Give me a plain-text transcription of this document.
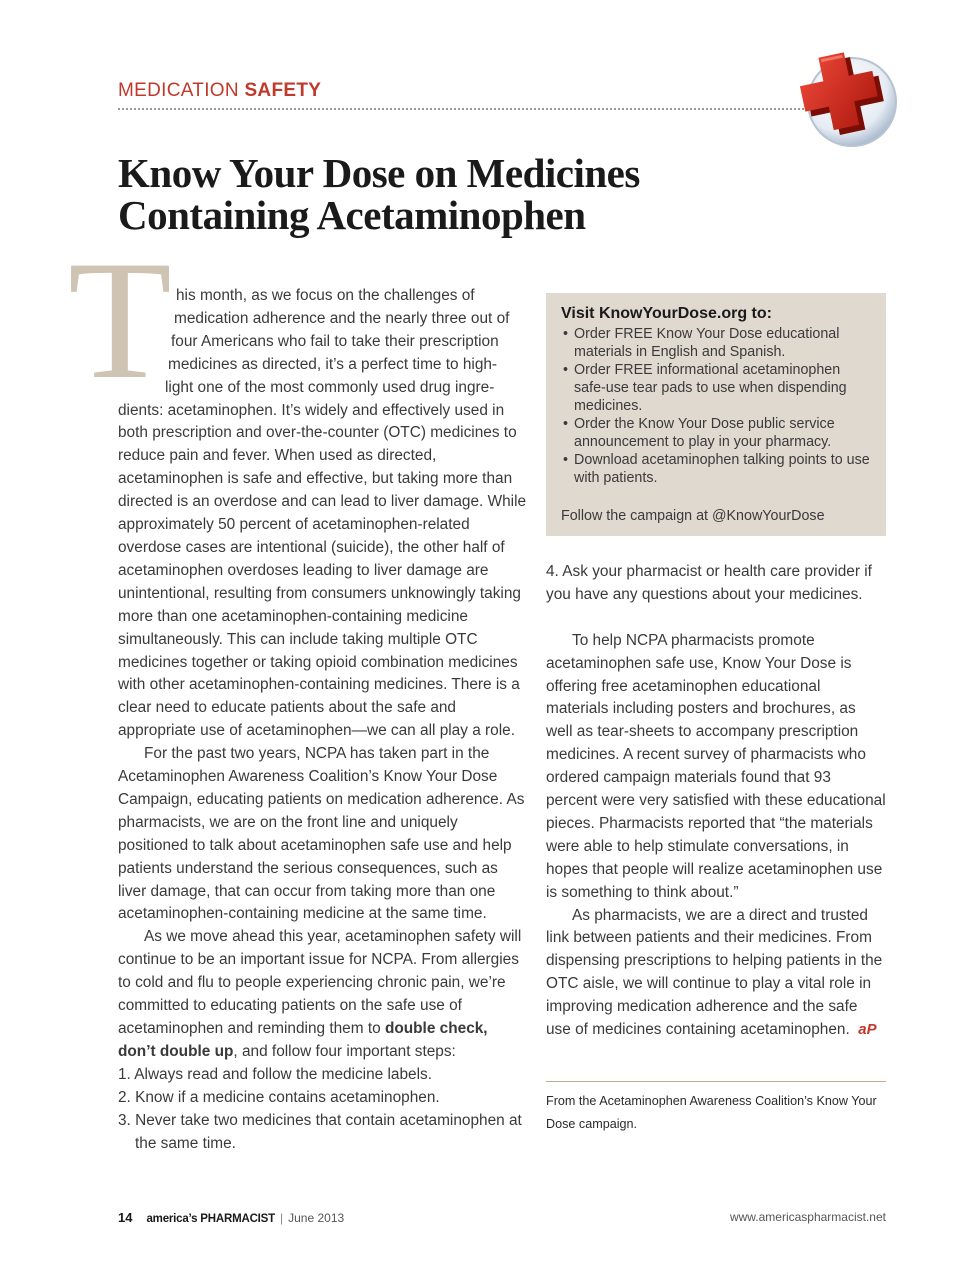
MEDICATION SAFETY
Know Your Dose on Medicines Containing Acetaminophen
T his month, as we focus on the challenges of
medication adherence and the nearly three out of
four Americans who fail to take their prescription
medicines as directed, it’s a perfect time to high-
light one of the most commonly used drug ingre-

dients: acetaminophen. It’s widely and effectively used in both prescription and over-the-counter (OTC) medicines to reduce pain and fever. When used as directed, acetaminophen is safe and effective, but taking more than directed is an overdose and can lead to liver damage. While approximately 50 percent of acetaminophen-related overdose cases are intentional (suicide), the other half of acetaminophen overdoses leading to liver damage are unintentional, resulting from consumers unknowingly taking more than one acetaminophen-containing medicine simultaneously. This can include taking multiple OTC medicines together or taking opioid combination medicines with other acetaminophen-containing medicines. There is a clear need to educate patients about the safe and appropriate use of acetaminophen—we can all play a role.

For the past two years, NCPA has taken part in the Acetaminophen Awareness Coalition’s Know Your Dose Campaign, educating patients on medication adherence. As pharmacists, we are on the front line and uniquely positioned to talk about acetaminophen safe use and help patients understand the serious consequences, such as liver damage, that can occur from taking more than one acetaminophen-containing medicine at the same time.

As we move ahead this year, acetaminophen safety will continue to be an important issue for NCPA. From allergies to cold and flu to people experiencing chronic pain, we’re committed to educating patients on the safe use of acetaminophen and reminding them to double check, don’t double up, and follow four important steps:

1. Always read and follow the medicine labels.
2. Know if a medicine contains acetaminophen.
3. Never take two medicines that contain acetaminophen at the same time.
Visit KnowYourDose.org to:
• Order FREE Know Your Dose educational materials in English and Spanish.
• Order FREE informational acetaminophen safe-use tear pads to use when dispending medicines.
• Order the Know Your Dose public service announcement to play in your pharmacy.
• Download acetaminophen talking points to use with patients.
Follow the campaign at @KnowYourDose

4. Ask your pharmacist or health care provider if you have any questions about your medicines.

To help NCPA pharmacists promote acetaminophen safe use, Know Your Dose is offering free acetaminophen educational materials including posters and brochures, as well as tear-sheets to accompany prescription medicines. A recent survey of pharmacists who ordered campaign materials found that 93 percent were very satisfied with these educational pieces. Pharmacists reported that “the materials were able to help stimulate conversations, in hopes that people will realize acetaminophen use is something to think about.”

As pharmacists, we are a direct and trusted link between patients and their medicines. From dispensing prescriptions to helping patients in the OTC aisle, we will continue to play a vital role in improving medication adherence and the safe use of medicines containing acetaminophen. aP

From the Acetaminophen Awareness Coalition’s Know Your Dose campaign.
14 america’s PHARMACIST | June 2013	www.americaspharmacist.net
